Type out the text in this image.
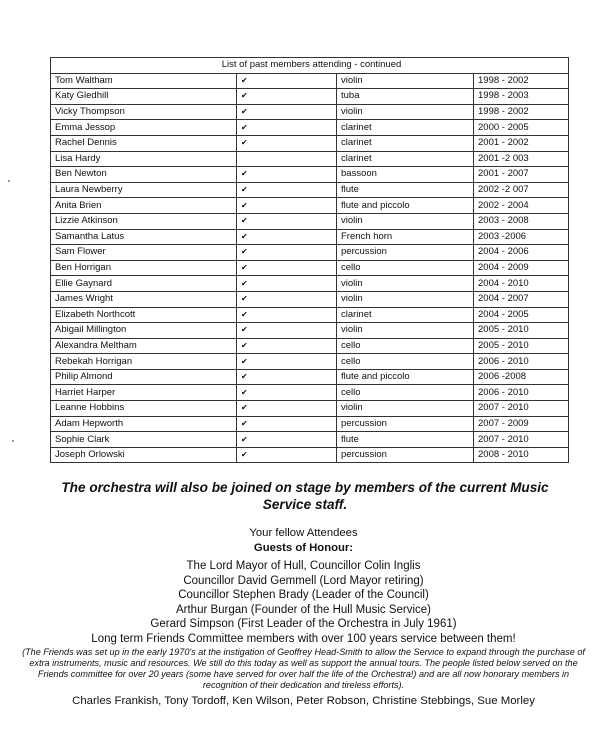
List of past members attending - continued			
Tom Waltham	✔	violin	1998 - 2002
Katy Gledhill	✔	tuba	1998 - 2003
Vicky Thompson	✔	violin	1998 - 2002
Emma Jessop	✔	clarinet	2000 - 2005
Rachel Dennis	✔	clarinet	2001 - 2002
Lisa Hardy		clarinet	2001 -2 003
Ben Newton	✔	bassoon	2001 - 2007
Laura Newberry	✔	flute	2002 -2 007
Anita Brien	✔	flute and piccolo	2002 - 2004
Lizzie Atkinson	✔	violin	2003 - 2008
Samantha Latus	✔	French horn	2003 -2006
Sam Flower	✔	percussion	2004 - 2006
Ben Horrigan	✔	cello	2004 - 2009
Ellie Gaynard	✔	violin	2004 - 2010
James Wright	✔	violin	2004 - 2007
Elizabeth Northcott	✔	clarinet	2004 - 2005
Abigail Millington	✔	violin	2005 - 2010
Alexandra Meltham	✔	cello	2005 - 2010
Rebekah Horrigan	✔	cello	2006 - 2010
Philip Almond	✔	flute and piccolo	2006 -2008
Harriet Harper	✔	cello	2006 - 2010
Leanne Hobbins	✔	violin	2007 - 2010
Adam Hepworth	✔	percussion	2007 - 2009
Sophie Clark	✔	flute	2007 - 2010
Joseph Orlowski	✔	percussion	2008 - 2010
The orchestra will also be joined on stage by members of the current Music Service staff.
Your fellow Attendees
Guests of Honour:
The Lord Mayor of Hull, Councillor Colin Inglis
Councillor David Gemmell (Lord Mayor retiring)
Councillor Stephen Brady (Leader of the Council)
Arthur Burgan (Founder of the Hull Music Service)
Gerard Simpson (First Leader of the Orchestra in July 1961)
Long term Friends Committee members with over 100 years service between them!
(The Friends was set up in the early 1970's at the instigation of Geoffrey Head-Smith to allow the Service to expand through the purchase of extra instruments, music and resources. We still do this today as well as support the annual tours. The people listed below served on the Friends committee for over 20 years (some have served for over half the life of the Orchestra!) and are all now honorary members in recognition of their dedication and tireless efforts).
Charles Frankish, Tony Tordoff, Ken Wilson, Peter Robson, Christine Stebbings, Sue Morley
